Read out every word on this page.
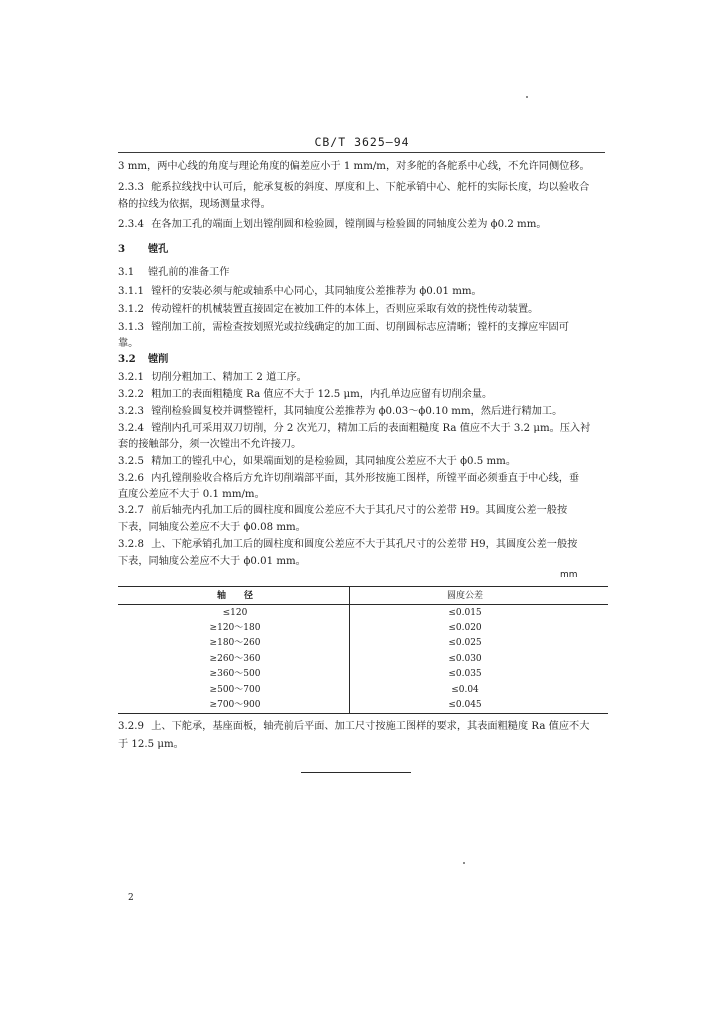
CB/T 3625—94
3 mm，两中心线的角度与理论角度的偏差应小于 1 mm/m，对多舵的各舵系中心线，不允许同侧位移。
2.3.3 舵系拉线找中认可后，舵承复板的斜度、厚度和上、下舵承销中心、舵杆的实际长度，均以验收合
格的拉线为依据，现场测量求得。
2.3.4 在各加工孔的端面上划出镗削圆和检验圆，镗削圆与检验圆的同轴度公差为 ϕ0.2 mm。
3 镗孔
3.1 镗孔前的准备工作
3.1.1 镗杆的安装必须与舵或轴系中心同心，其同轴度公差推荐为 ϕ0.01 mm。
3.1.2 传动镗杆的机械装置直接固定在被加工件的本体上，否则应采取有效的挠性传动装置。
3.1.3 镗削加工前，需检查按划照光或拉线确定的加工面、切削圆标志应清晰；镗杆的支撑应牢固可
靠。
3.2 镗削
3.2.1 切削分粗加工、精加工 2 道工序。
3.2.2 粗加工的表面粗糙度 Ra 值应不大于 12.5 μm，内孔单边应留有切削余量。
3.2.3 镗削检验圆复校并调整镗杆，其同轴度公差推荐为 ϕ0.03～ϕ0.10 mm，然后进行精加工。
3.2.4 镗削内孔可采用双刀切削，分 2 次光刀，精加工后的表面粗糙度 Ra 值应不大于 3.2 μm。压入衬
套的接触部分，须一次镗出不允许接刀。
3.2.5 精加工的镗孔中心，如果端面划的是检验圆，其同轴度公差应不大于 ϕ0.5 mm。
3.2.6 内孔镗削验收合格后方允许切削端部平面，其外形按施工图样，所镗平面必须垂直于中心线，垂
直度公差应不大于 0.1 mm/m。
3.2.7 前后轴壳内孔加工后的圆柱度和圆度公差应不大于其孔尺寸的公差带 H9。其圆度公差一般按
下表，同轴度公差应不大于 ϕ0.08 mm。
3.2.8 上、下舵承销孔加工后的圆柱度和圆度公差应不大于其孔尺寸的公差带 H9，其圆度公差一般按
下表，同轴度公差应不大于 ϕ0.01 mm。
mm
轴　　径	圆度公差
≤120	≤0.015
≥120～180	≤0.020
≥180～260	≤0.025
≥260～360	≤0.030
≥360～500	≤0.035
≥500～700	≤0.04
≥700～900	≤0.045
3.2.9 上、下舵承，基座面板，轴壳前后平面、加工尺寸按施工图样的要求，其表面粗糙度 Ra 值应不大
于 12.5 μm。
2
